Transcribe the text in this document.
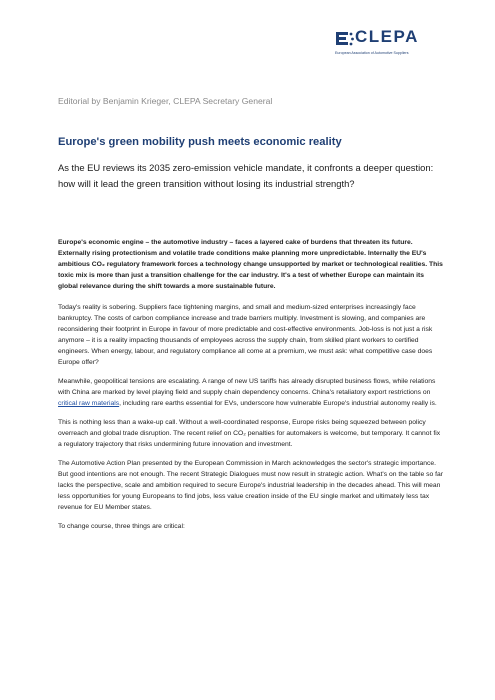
CLEPA
European Association of Automotive Suppliers
Editorial by Benjamin Krieger, CLEPA Secretary General
Europe's green mobility push meets economic reality
As the EU reviews its 2035 zero-emission vehicle mandate, it confronts a deeper question: how will it lead the green transition without losing its industrial strength?

Europe's economic engine – the automotive industry – faces a layered cake of burdens that threaten its future. Externally rising protectionism and volatile trade conditions make planning more unpredictable. Internally the EU's ambitious CO₂ regulatory framework forces a technology change unsupported by market or technological realities. This toxic mix is more than just a transition challenge for the car industry. It's a test of whether Europe can maintain its global relevance during the shift towards a more sustainable future.

Today's reality is sobering. Suppliers face tightening margins, and small and medium-sized enterprises increasingly face bankruptcy. The costs of carbon compliance increase and trade barriers multiply. Investment is slowing, and companies are reconsidering their footprint in Europe in favour of more predictable and cost-effective environments. Job-loss is not just a risk anymore – it is a reality impacting thousands of employees across the supply chain, from skilled plant workers to certified engineers. When energy, labour, and regulatory compliance all come at a premium, we must ask: what competitive case does Europe offer?

Meanwhile, geopolitical tensions are escalating. A range of new US tariffs has already disrupted business flows, while relations with China are marked by level playing field and supply chain dependency concerns. China's retaliatory export restrictions on critical raw materials, including rare earths essential for EVs, underscore how vulnerable Europe's industrial autonomy really is.

This is nothing less than a wake-up call. Without a well-coordinated response, Europe risks being squeezed between policy overreach and global trade disruption. The recent relief on CO₂ penalties for automakers is welcome, but temporary. It cannot fix a regulatory trajectory that risks undermining future innovation and investment.

The Automotive Action Plan presented by the European Commission in March acknowledges the sector's strategic importance. But good intentions are not enough. The recent Strategic Dialogues must now result in strategic action. What's on the table so far lacks the perspective, scale and ambition required to secure Europe's industrial leadership in the decades ahead. This will mean less opportunities for young Europeans to find jobs, less value creation inside of the EU single market and ultimately less tax revenue for EU Member states.

To change course, three things are critical:
